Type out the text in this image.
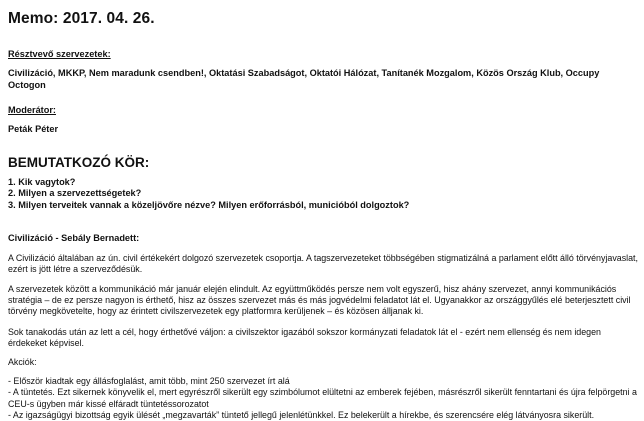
Memo: 2017. 04. 26.
Résztvevő szervezetek:
Civilizáció, MKKP, Nem maradunk csendben!, Oktatási Szabadságot, Oktatói Hálózat, Tanítanék Mozgalom, Közös Ország Klub, Occupy Octogon
Moderátor:
Peták Péter
BEMUTATKOZÓ KÖR:
1. Kik vagytok?
2. Milyen a szervezettségetek?
3. Milyen terveitek vannak a közeljövőre nézve? Milyen erőforrásból, municióból dolgoztok?
Civilizáció - Sebály Bernadett:

A Civilizáció általában az ún. civil értékekért dolgozó szervezetek csoportja. A tagszervezeteket többségében stigmatizálná a parlament előtt álló törvényjavaslat, ezért is jött létre a szerveződésük.

A szervezetek között a kommunikáció már január elején elindult. Az együttműködés persze nem volt egyszerű, hisz ahány szervezet, annyi kommunikációs stratégia – de ez persze nagyon is érthető, hisz az összes szervezet más és más jogvédelmi feladatot lát el. Ugyanakkor az országgyűlés elé beterjesztett civil törvény megkövetelte, hogy az érintett civilszervezetek egy platformra kerüljenek – és közösen álljanak ki.

Sok tanakodás után az lett a cél, hogy érthetővé váljon: a civilszektor igazából sokszor kormányzati feladatok lát el - ezért nem ellenség és nem idegen érdekeket képvisel.

Akciók:

- Először kiadtak egy állásfoglalást, amit több, mint 250 szervezet írt alá

- A tüntetés. Ezt sikernek könyvelik el, mert egyrészről sikerült egy szimbólumot elültetni az emberek fejében, másrészről sikerült fenntartani és újra felpörgetni a CEU-s ügyben már kissé elfáradt tüntetéssorozatot

- Az igazságügyi bizottság egyik ülését „megzavarták” tüntető jellegű jelenlétünkkel. Ez belekerült a hírekbe, és szerencsére elég látványosra sikerült.
